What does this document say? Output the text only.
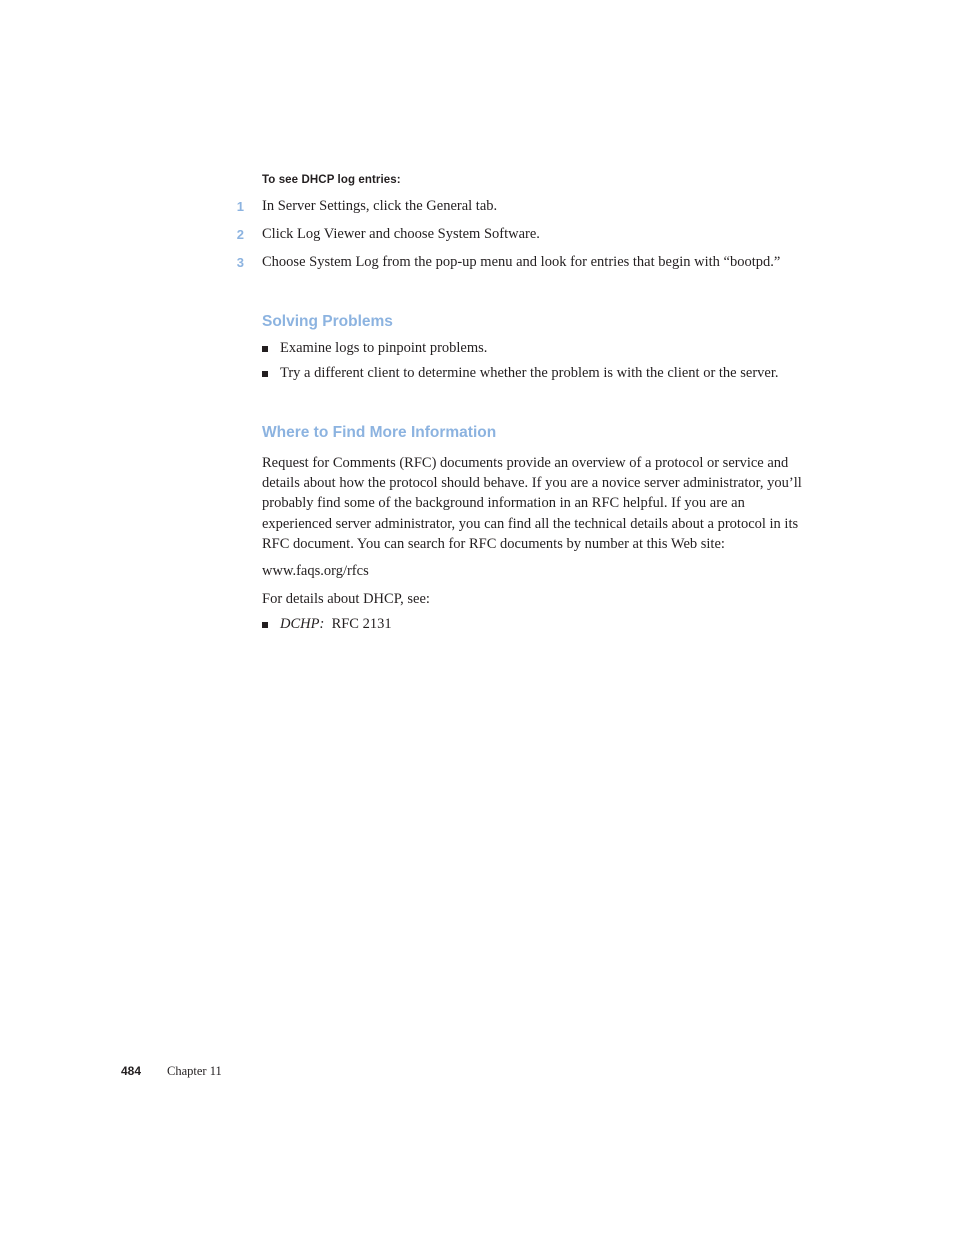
To see DHCP log entries:
1 In Server Settings, click the General tab.
2 Click Log Viewer and choose System Software.
3 Choose System Log from the pop-up menu and look for entries that begin with “bootpd.”
Solving Problems
Examine logs to pinpoint problems.
Try a different client to determine whether the problem is with the client or the server.
Where to Find More Information
Request for Comments (RFC) documents provide an overview of a protocol or service and details about how the protocol should behave. If you are a novice server administrator, you’ll probably find some of the background information in an RFC helpful. If you are an experienced server administrator, you can find all the technical details about a protocol in its RFC document. You can search for RFC documents by number at this Web site:
www.faqs.org/rfcs
For details about DHCP, see:
DCHP: RFC 2131
484 Chapter 11
